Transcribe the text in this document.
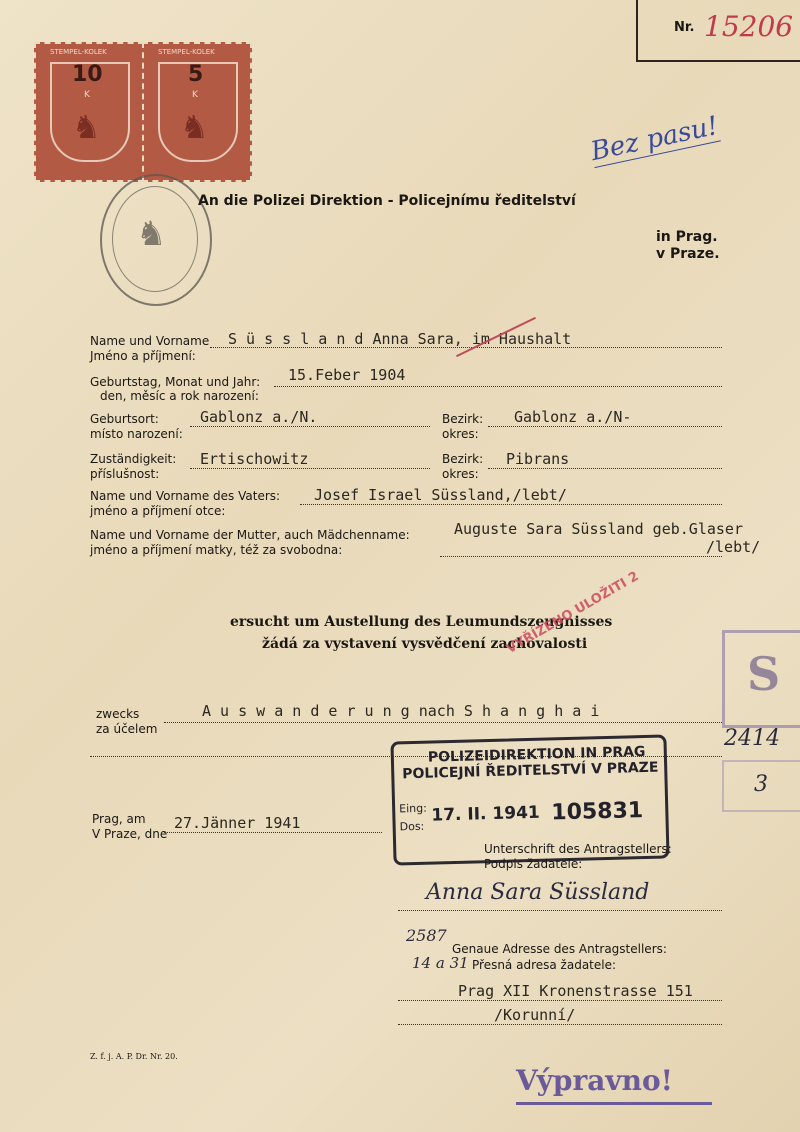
Nr. 15206
STEMPEL-KOLEK
10
K
♞
STEMPEL-KOLEK
5
K
♞
♞
Bez pasu!
An die Polizei Direktion - Policejnímu ředitelství
in Prag.
v Praze.
Name und Vorname
Jméno a příjmení:
S ü s s l a n d Anna Sara, im Haushalt
Geburtstag, Monat und Jahr:
den, měsíc a rok narození:
15.Feber 1904
Geburtsort:
místo narození:
Gablonz a./N.	Bezirk:
okres:
Gablonz a./N-
Zuständigkeit:
příslušnost:
Ertischowitz	Bezirk:
okres:
Pibrans
Name und Vorname des Vaters:
jméno a příjmení otce:
Josef Israel Süssland,/lebt/
Name und Vorname der Mutter, auch Mädchenname:
jméno a příjmení matky, též za svobodna:
Auguste Sara Süssland geb.Glaser
/lebt/
ersucht um Austellung des Leumundszeugnisses
žádá za vystavení vysvědčení zachovalosti
VYŘÍZENO ULOŽITI 2
S
2414
3
zwecks
za účelem
A u s w a n d e r u n g nach S h a n g h a i
POLIZEIDIREKTION IN PRAG
POLICEJNÍ ŘEDITELSTVÍ V PRAZE
Eing:
Dos:
17. II. 1941 105831
Prag, am
V Praze, dne
27.Jänner 1941
Unterschrift des Antragstellers:
Podpis žadatele:
Anna Sara Süssland
2587
14 a 31
Genaue Adresse des Antragstellers:
Přesná adresa žadatele:
Prag XII Kronenstrasse 151
/Korunní/
Z. f. j. A. P. Dr. Nr. 20.
Výpravno!
